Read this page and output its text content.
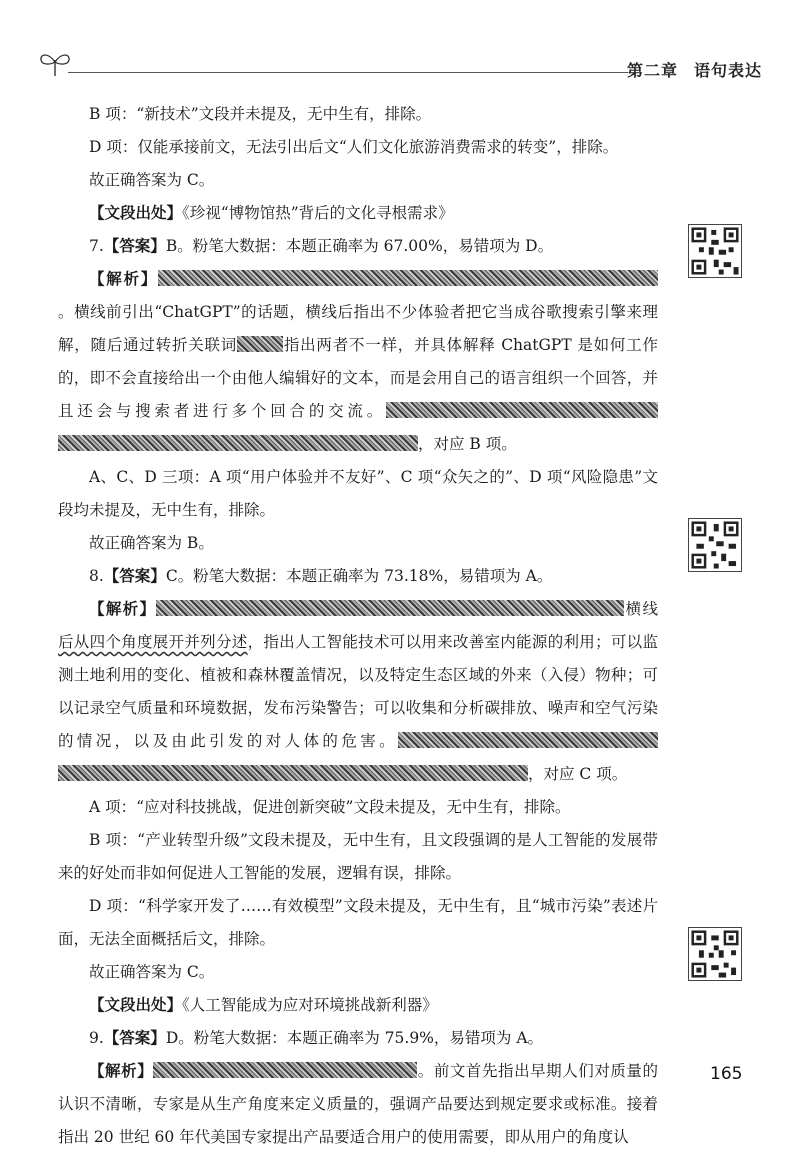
第二章 语句表达

B 项：“新技术”文段并未提及，无中生有，排除。

D 项：仅能承接前文，无法引出后文“人们文化旅游消费需求的转变”，排除。

故正确答案为 C。

【文段出处】《珍视“博物馆热”背后的文化寻根需求》

7.【答案】B。粉笔大数据：本题正确率为 67.00%，易错项为 D。

【解析】。横线前引出“ChatGPT”的话题，横线后指出不少体验者把它当成谷歌搜索引擎来理解，随后通过转折关联词	指出两者不一样，并具体解释 ChatGPT 是如何工作的，即不会直接给出一个由他人编辑好的文本，而是会用自己的语言组织一个回答，并且还会与搜索者进行多个回合的交流。，对应 B 项。

A、C、D 三项：A 项“用户体验并不友好”、C 项“众矢之的”、D 项“风险隐患”文段均未提及，无中生有，排除。

故正确答案为 B。

8.【答案】C。粉笔大数据：本题正确率为 73.18%，易错项为 A。

【解析】	横线后从四个角度展开并列分述，指出人工智能技术可以用来改善室内能源的利用；可以监测土地利用的变化、植被和森林覆盖情况，以及特定生态区域的外来（入侵）物种；可以记录空气质量和环境数据，发布污染警告；可以收集和分析碳排放、噪声和空气污染的情况，以及由此引发的对人体的危害。，对应 C 项。

A 项：“应对科技挑战，促进创新突破”文段未提及，无中生有，排除。

B 项：“产业转型升级”文段未提及，无中生有，且文段强调的是人工智能的发展带来的好处而非如何促进人工智能的发展，逻辑有误，排除。

D 项：“科学家开发了……有效模型”文段未提及，无中生有，且“城市污染”表述片面，无法全面概括后文，排除。

故正确答案为 C。

【文段出处】《人工智能成为应对环境挑战新利器》

9.【答案】D。粉笔大数据：本题正确率为 75.9%，易错项为 A。

【解析】	。前文首先指出早期人们对质量的认识不清晰，专家是从生产角度来定义质量的，强调产品要达到规定要求或标准。接着指出 20 世纪 60 年代美国专家提出产品要适合用户的使用需要，即从用户的角度认

165
